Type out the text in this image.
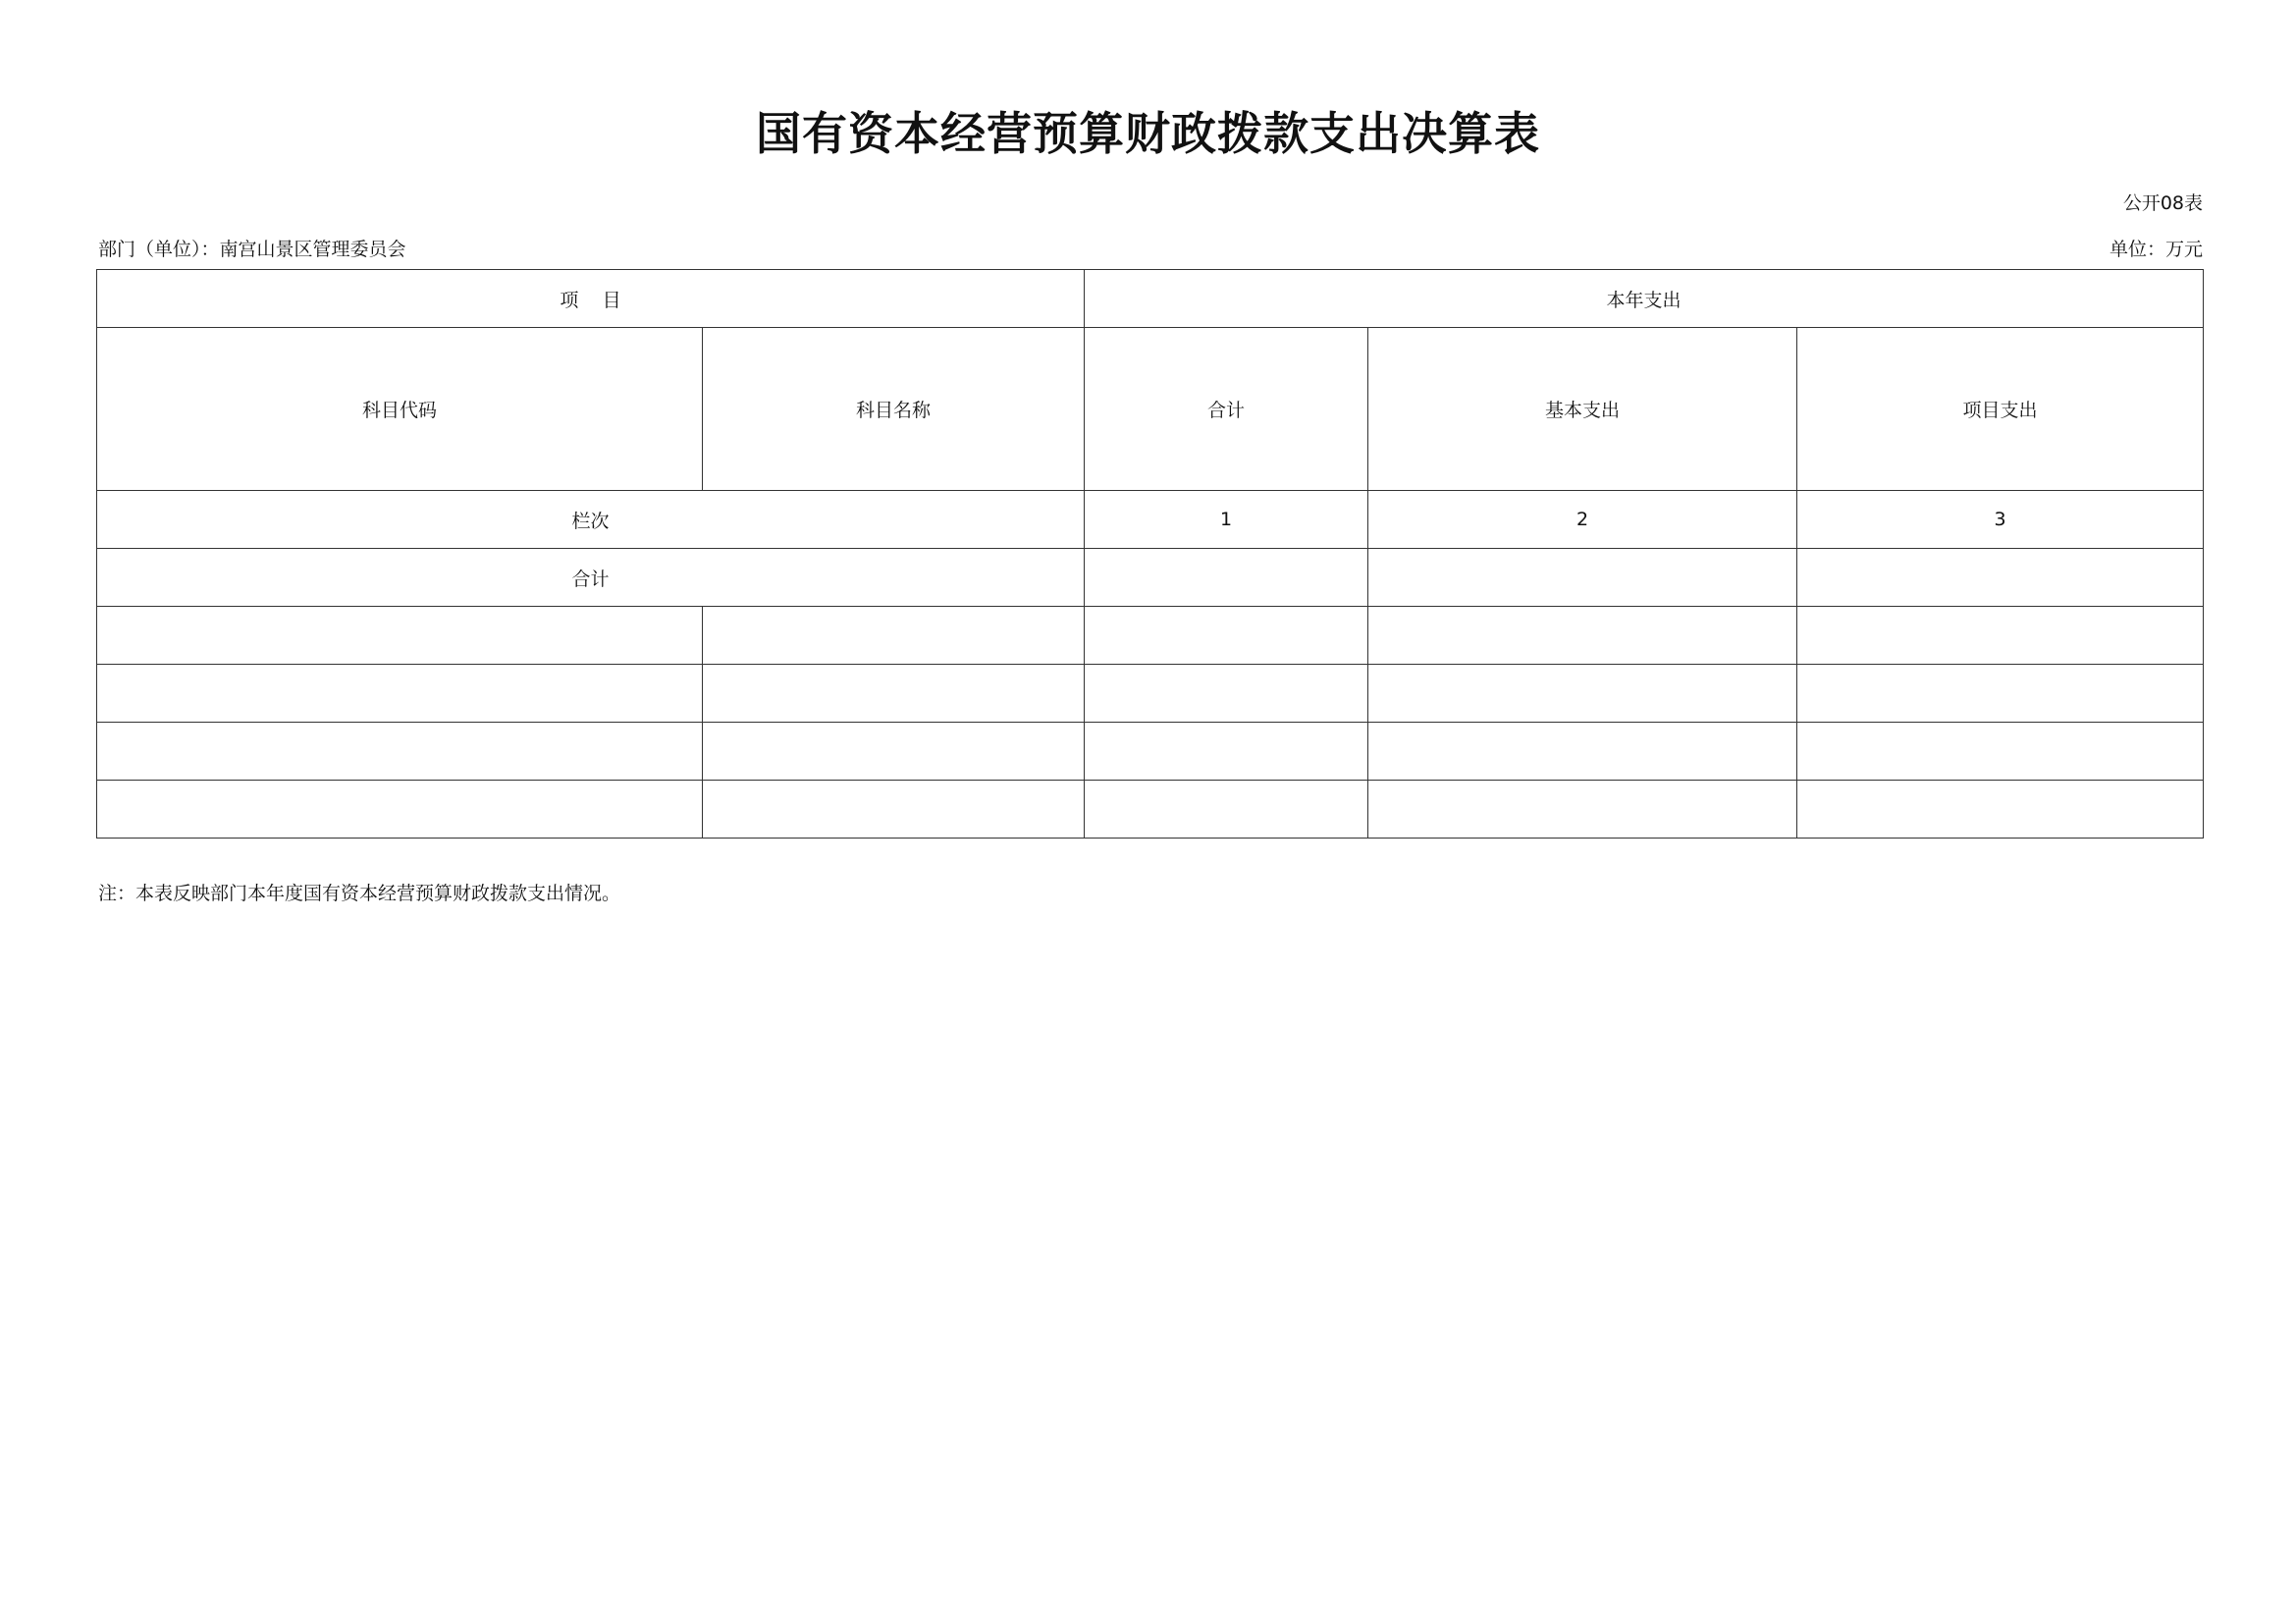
国有资本经营预算财政拨款支出决算表
公开08表
部门（单位）：南宫山景区管理委员会	单位：万元
项    目		本年支出		
科目代码	科目名称	合计	基本支出	项目支出
栏次		1	2	3
合计				

注：本表反映部门本年度国有资本经营预算财政拨款支出情况。
